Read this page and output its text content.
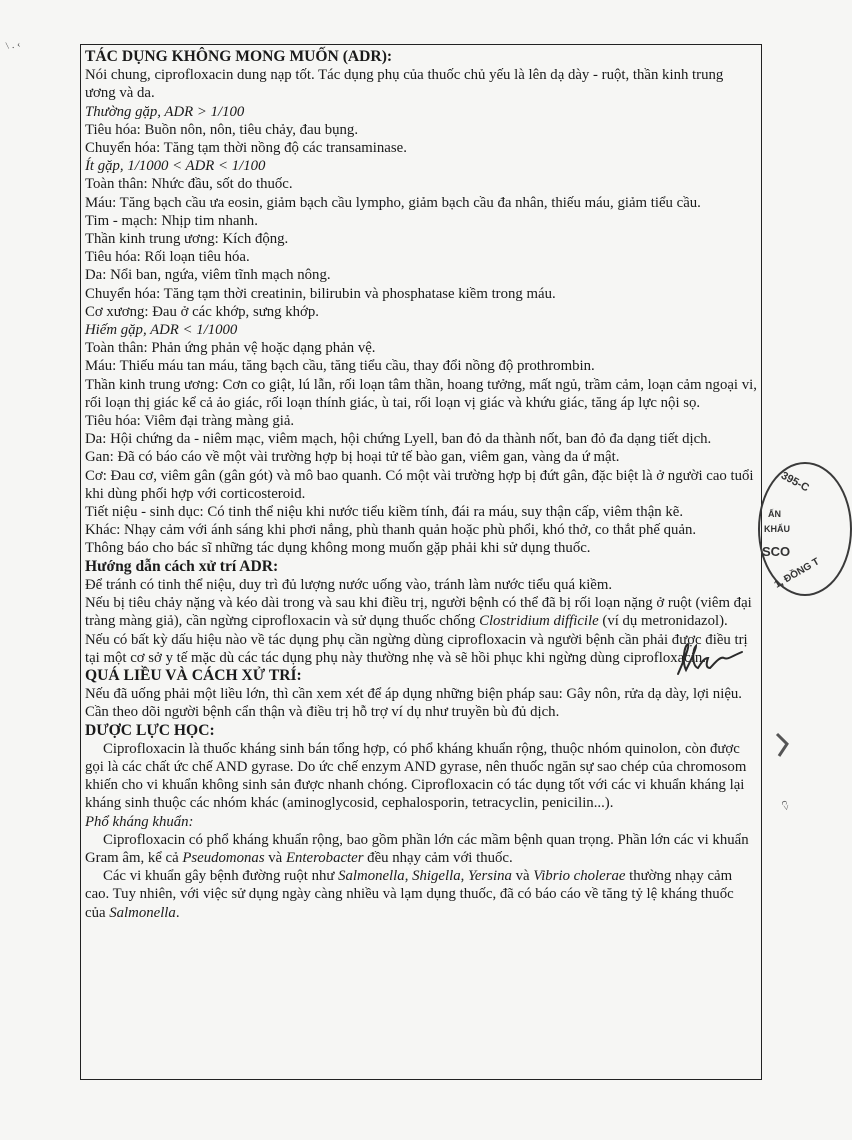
\ ․ ‹

TÁC DỤNG KHÔNG MONG MUỐN (ADR):

Nói chung, ciprofloxacin dung nạp tốt. Tác dụng phụ của thuốc chủ yếu là lên dạ dày - ruột, thần kinh trung ương và da.

Thường gặp, ADR > 1/100

Tiêu hóa: Buồn nôn, nôn, tiêu chảy, đau bụng.

Chuyển hóa: Tăng tạm thời nồng độ các transaminase.

Ít gặp, 1/1000 < ADR < 1/100

Toàn thân: Nhức đầu, sốt do thuốc.

Máu: Tăng bạch cầu ưa eosin, giảm bạch cầu lympho, giảm bạch cầu đa nhân, thiếu máu, giảm tiểu cầu.

Tim - mạch: Nhịp tim nhanh.

Thần kinh trung ương: Kích động.

Tiêu hóa: Rối loạn tiêu hóa.

Da: Nổi ban, ngứa, viêm tĩnh mạch nông.

Chuyển hóa: Tăng tạm thời creatinin, bilirubin và phosphatase kiềm trong máu.

Cơ xương: Đau ở các khớp, sưng khớp.

Hiếm gặp, ADR < 1/1000

Toàn thân: Phản ứng phản vệ hoặc dạng phản vệ.

Máu: Thiếu máu tan máu, tăng bạch cầu, tăng tiểu cầu, thay đổi nồng độ prothrombin.

Thần kinh trung ương: Cơn co giật, lú lẫn, rối loạn tâm thần, hoang tưởng, mất ngủ, trầm cảm, loạn cảm ngoại vi, rối loạn thị giác kể cả ảo giác, rối loạn thính giác, ù tai, rối loạn vị giác và khứu giác, tăng áp lực nội sọ.

Tiêu hóa: Viêm đại tràng màng giả.

Da: Hội chứng da - niêm mạc, viêm mạch, hội chứng Lyell, ban đỏ da thành nốt, ban đỏ đa dạng tiết dịch.

Gan: Đã có báo cáo về một vài trường hợp bị hoại tử tế bào gan, viêm gan, vàng da ứ mật.

Cơ: Đau cơ, viêm gân (gân gót) và mô bao quanh. Có một vài trường hợp bị đứt gân, đặc biệt là ở người cao tuổi khi dùng phối hợp với corticosteroid.

Tiết niệu - sinh dục: Có tinh thể niệu khi nước tiểu kiềm tính, đái ra máu, suy thận cấp, viêm thận kẽ.

Khác: Nhạy cảm với ánh sáng khi phơi nắng, phù thanh quản hoặc phù phổi, khó thở, co thắt phế quản.

Thông báo cho bác sĩ những tác dụng không mong muốn gặp phải khi sử dụng thuốc.

Hướng dẫn cách xử trí ADR:

Để tránh có tinh thể niệu, duy trì đủ lượng nước uống vào, tránh làm nước tiểu quá kiềm.

Nếu bị tiêu chảy nặng và kéo dài trong và sau khi điều trị, người bệnh có thể đã bị rối loạn nặng ở ruột (viêm đại tràng màng giả), cần ngừng ciprofloxacin và sử dụng thuốc chống Clostridium difficile (ví dụ metronidazol).

Nếu có bất kỳ dấu hiệu nào về tác dụng phụ cần ngừng dùng ciprofloxacin và người bệnh cần phải được điều trị tại một cơ sở y tế mặc dù các tác dụng phụ này thường nhẹ và sẽ hồi phục khi ngừng dùng ciprofloxacin.

QUÁ LIỀU VÀ CÁCH XỬ TRÍ:

Nếu đã uống phải một liều lớn, thì cần xem xét để áp dụng những biện pháp sau: Gây nôn, rửa dạ dày, lợi niệu. Cần theo dõi người bệnh cẩn thận và điều trị hỗ trợ ví dụ như truyền bù đủ dịch.

DƯỢC LỰC HỌC:

Ciprofloxacin là thuốc kháng sinh bán tổng hợp, có phổ kháng khuẩn rộng, thuộc nhóm quinolon, còn được gọi là các chất ức chế AND gyrase. Do ức chế enzym AND gyrase, nên thuốc ngăn sự sao chép của chromosom khiến cho vi khuẩn không sinh sản được nhanh chóng. Ciprofloxacin có tác dụng tốt với các vi khuẩn kháng lại kháng sinh thuộc các nhóm khác (aminoglycosid, cephalosporin, tetracyclin, penicilin...).

Phổ kháng khuẩn:

Ciprofloxacin có phổ kháng khuẩn rộng, bao gồm phần lớn các mầm bệnh quan trọng. Phần lớn các vi khuẩn Gram âm, kể cả Pseudomonas và Enterobacter đều nhạy cảm với thuốc.

Các vi khuẩn gây bệnh đường ruột như Salmonella, Shigella, Yersina và Vibrio cholerae thường nhạy cảm cao. Tuy nhiên, với việc sử dụng ngày càng nhiều và lạm dụng thuốc, đã có báo cáo về tăng tỷ lệ kháng thuốc của Salmonella.

395-C
ẤN
KHẨU
SCO
1, ĐỒNG T
c>
